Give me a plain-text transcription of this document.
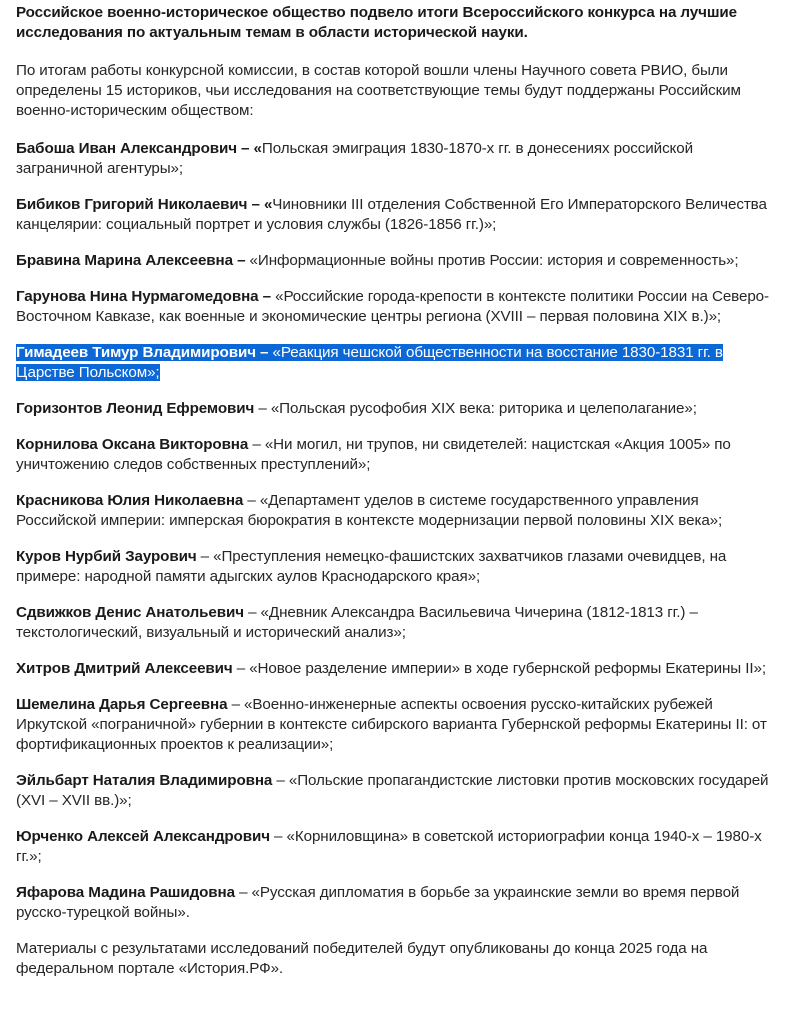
Российское военно-историческое общество подвело итоги Всероссийского конкурса на лучшие исследования по актуальным темам в области исторической науки.

По итогам работы конкурсной комиссии, в состав которой вошли члены Научного совета РВИО, были определены 15 историков, чьи исследования на соответствующие темы будут поддержаны Российским военно-историческим обществом:

Бабоша Иван Александрович – «Польская эмиграция 1830-1870-х гг. в донесениях российской заграничной агентуры»;

Бибиков Григорий Николаевич – «Чиновники III отделения Собственной Его Императорского Величества канцелярии: социальный портрет и условия службы (1826-1856 гг.)»;

Бравина Марина Алексеевна – «Информационные войны против России: история и современность»;

Гарунова Нина Нурмагомедовна – «Российские города-крепости в контексте политики России на Северо-Восточном Кавказе, как военные и экономические центры региона (XVIII – первая половина XIX в.)»;

Гимадеев Тимур Владимирович – «Реакция чешской общественности на восстание 1830-1831 гг. в Царстве Польском»;

Горизонтов Леонид Ефремович – «Польская русофобия XIX века: риторика и целеполагание»;

Корнилова Оксана Викторовна – «Ни могил, ни трупов, ни свидетелей: нацистская «Акция 1005» по уничтожению следов собственных преступлений»;

Красникова Юлия Николаевна – «Департамент уделов в системе государственного управления Российской империи: имперская бюрократия в контексте модернизации первой половины XIX века»;

Куров Нурбий Заурович – «Преступления немецко-фашистских захватчиков глазами очевидцев, на примере: народной памяти адыгских аулов Краснодарского края»;

Сдвижков Денис Анатольевич – «Дневник Александра Васильевича Чичерина (1812-1813 гг.) – текстологический, визуальный и исторический анализ»;

Хитров Дмитрий Алексеевич – «Новое разделение империи» в ходе губернской реформы Екатерины II»;

Шемелина Дарья Сергеевна – «Военно-инженерные аспекты освоения русско-китайских рубежей Иркутской «пограничной» губернии в контексте сибирского варианта Губернской реформы Екатерины II: от фортификационных проектов к реализации»;

Эйльбарт Наталия Владимировна – «Польские пропагандистские листовки против московских государей (XVI – XVII вв.)»;

Юрченко Алексей Александрович – «Корниловщина» в советской историографии конца 1940-х – 1980-х гг.»;

Яфарова Мадина Рашидовна – «Русская дипломатия в борьбе за украинские земли во время первой русско-турецкой войны».

Материалы с результатами исследований победителей будут опубликованы до конца 2025 года на федеральном портале «История.РФ».
